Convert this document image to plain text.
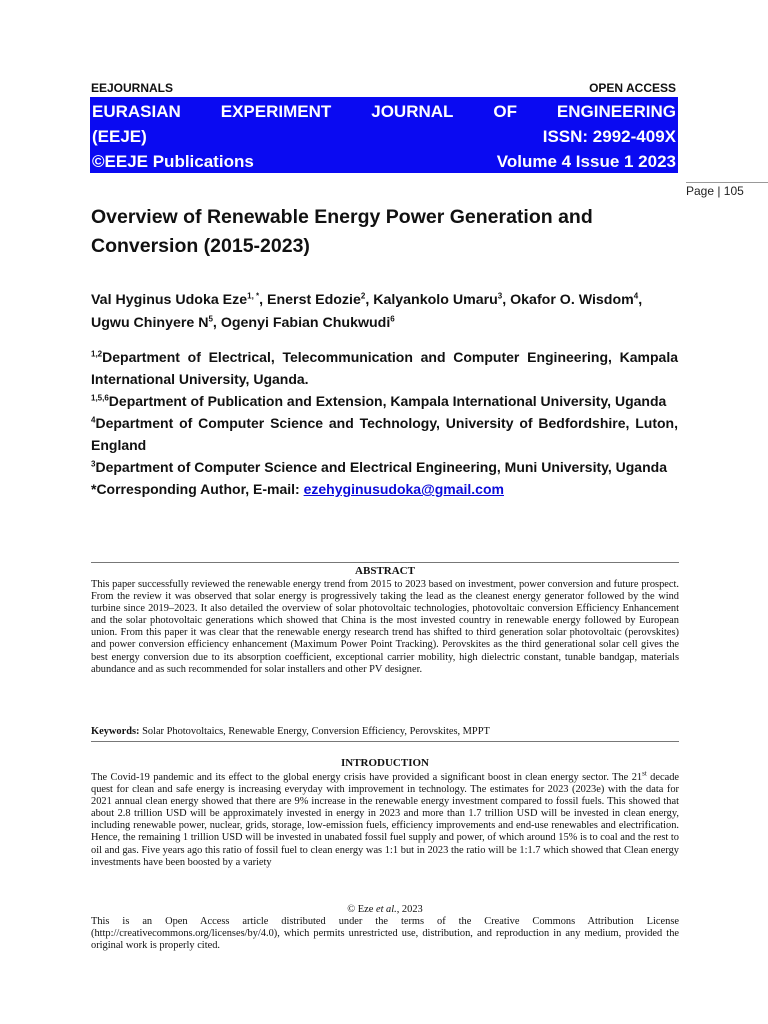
EEJOURNALS	OPEN ACCESS
EURASIAN EXPERIMENT JOURNAL OF ENGINEERING
(EEJE)	ISSN: 2992-409X
©EEJE Publications	Volume 4 Issue 1 2023
Page | 105
Overview of Renewable Energy Power Generation and Conversion (2015-2023)
Val Hyginus Udoka Eze$^{1, *}$, Enerst Edozie$^2$, Kalyankolo Umaru$^3$, Okafor O. Wisdom$^4$, Ugwu Chinyere $N^5$, Ogenyi Fabian Chukwudi$^6$
$^{1,2}$Department of Electrical, Telecommunication and Computer Engineering, Kampala International University, Uganda.
$^{1,5,6}$Department of Publication and Extension, Kampala International University, Uganda
$^4$Department of Computer Science and Technology, University of Bedfordshire, Luton, England
$^3$Department of Computer Science and Electrical Engineering, Muni University, Uganda
*Corresponding Author, E-mail: ezehyginusudoka@gmail.com
ABSTRACT
This paper successfully reviewed the renewable energy trend from 2015 to 2023 based on investment, power conversion and future prospect. From the review it was observed that solar energy is progressively taking the lead as the cleanest energy generator followed by the wind turbine since 2019–2023. It also detailed the overview of solar photovoltaic technologies, photovoltaic conversion Efficiency Enhancement and the solar photovoltaic generations which showed that China is the most invested country in renewable energy followed by European union. From this paper it was clear that the renewable energy research trend has shifted to third generation solar photovoltaic (perovskites) and power conversion efficiency enhancement (Maximum Power Point Tracking). Perovskites as the third generational solar cell gives the best energy conversion due to its absorption coefficient, exceptional carrier mobility, high dielectric constant, tunable bandgap, materials abundance and as such recommended for solar installers and other PV designer.
Keywords: Solar Photovoltaics, Renewable Energy, Conversion Efficiency, Perovskites, MPPT
INTRODUCTION
The Covid-19 pandemic and its effect to the global energy crisis have provided a significant boost in clean energy sector. The 21st decade quest for clean and safe energy is increasing everyday with improvement in technology. The estimates for 2023 (2023e) with the data for 2021 annual clean energy showed that there are 9% increase in the renewable energy investment compared to fossil fuels. This showed that about 2.8 trillion USD will be approximately invested in energy in 2023 and more than 1.7 trillion USD will be invested in clean energy, including renewable power, nuclear, grids, storage, low-emission fuels, efficiency improvements and end-use renewables and electrification. Hence, the remaining 1 trillion USD will be invested in unabated fossil fuel supply and power, of which around 15% is to coal and the rest to oil and gas. Five years ago this ratio of fossil fuel to clean energy was 1:1 but in 2023 the ratio will be 1:1.7 which showed that Clean energy investments have been boosted by a variety
© Eze et al., 2023
This is an Open Access article distributed under the terms of the Creative Commons Attribution License (http://creativecommons.org/licenses/by/4.0), which permits unrestricted use, distribution, and reproduction in any medium, provided the original work is properly cited.
